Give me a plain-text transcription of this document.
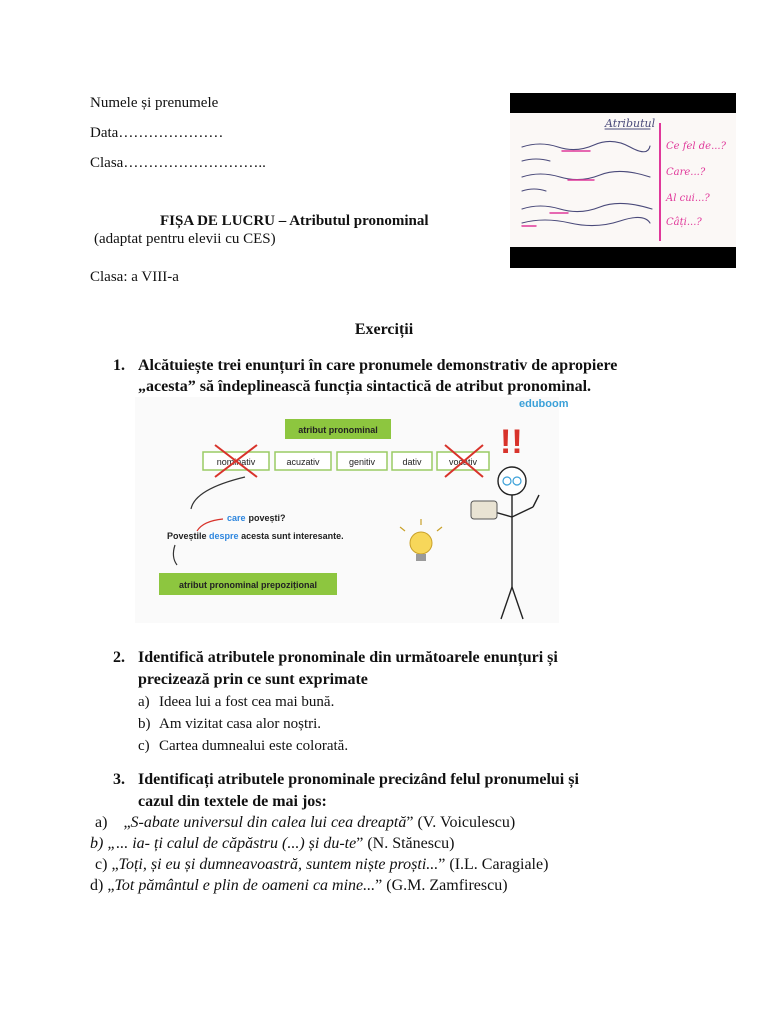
Numele și prenumele
Data…………………
Clasa………………………..
FIȘA DE LUCRU – Atributul pronominal
(adaptat pentru elevii cu CES)
Clasa: a VIII-a
Atributul
Ce fel de...?
Care...?
Al cui...?
Câți...?
Exerciții
1. Alcătuiește trei enunțuri în care pronumele demonstrativ de apropiere
„acesta” să îndeplinească funcția sintactică de atribut pronominal.
eduboom
atribut pronominal
nominativ	acuzativ	genitiv	dativ	vocativ
care povești?
Poveștile despre acesta sunt interesante.
atribut pronominal prepozițional
!!
2. Identifică atributele pronominale din următoarele enunțuri și
precizează prin ce sunt exprimate
a) Ideea lui a fost cea mai bună.
b) Am vizitat casa alor noștri.
c) Cartea dumnealui este colorată.
3. Identificați atributele pronominale precizând felul pronumelui și
cazul din textele de mai jos:
a) „S-abate universul din calea lui cea dreaptă” (V. Voiculescu)
b) „... ia- ți calul de căpăstru (...) și du-te” (N. Stănescu)
c) „Toți, și eu și dumneavoastră, suntem niște proști...” (I.L. Caragiale)
d) „Tot pământul e plin de oameni ca mine...” (G.M. Zamfirescu)
